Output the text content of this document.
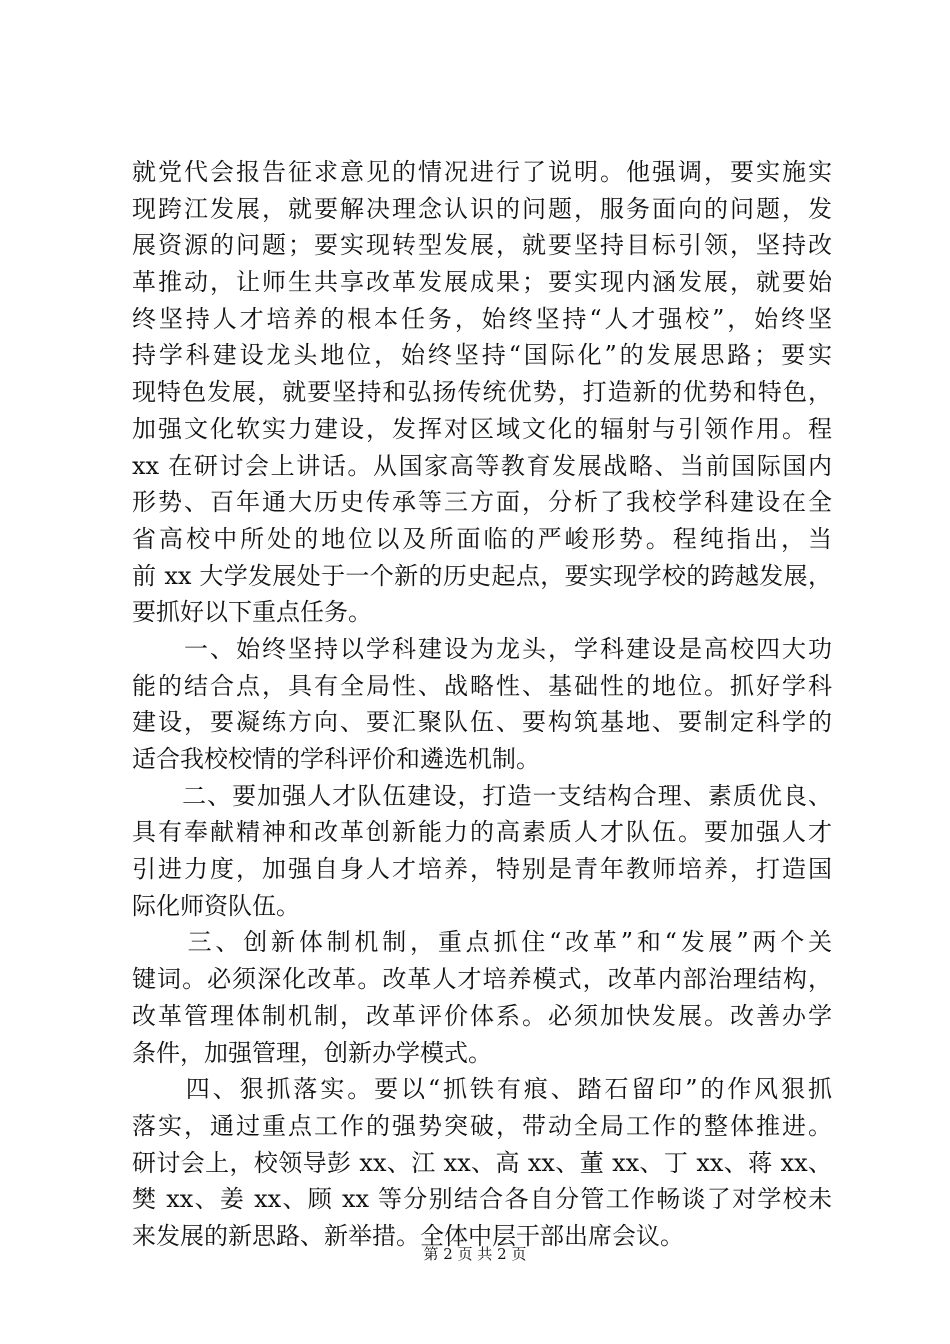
就党代会报告征求意见的情况进行了说明。他强调，要实施实
现跨江发展，就要解决理念认识的问题，服务面向的问题，发
展资源的问题；要实现转型发展，就要坚持目标引领，坚持改
革推动，让师生共享改革发展成果；要实现内涵发展，就要始
终坚持人才培养的根本任务，始终坚持“人才强校”，始终坚
持学科建设龙头地位，始终坚持“国际化”的发展思路；要实
现特色发展，就要坚持和弘扬传统优势，打造新的优势和特色，
加强文化软实力建设，发挥对区域文化的辐射与引领作用。程
xx 在研讨会上讲话。从国家高等教育发展战略、当前国际国内
形势、百年通大历史传承等三方面，分析了我校学科建设在全
省高校中所处的地位以及所面临的严峻形势。程纯指出，当
前 xx 大学发展处于一个新的历史起点，要实现学校的跨越发展，
要抓好以下重点任务。
　　一、始终坚持以学科建设为龙头，学科建设是高校四大功
能的结合点，具有全局性、战略性、基础性的地位。抓好学科
建设，要凝练方向、要汇聚队伍、要构筑基地、要制定科学的
适合我校校情的学科评价和遴选机制。
　　二、要加强人才队伍建设，打造一支结构合理、素质优良、
具有奉献精神和改革创新能力的高素质人才队伍。要加强人才
引进力度，加强自身人才培养，特别是青年教师培养，打造国
际化师资队伍。
　　三、创新体制机制，重点抓住“改革”和“发展”两个关
键词。必须深化改革。改革人才培养模式，改革内部治理结构，
改革管理体制机制，改革评价体系。必须加快发展。改善办学
条件，加强管理，创新办学模式。
　　四、狠抓落实。要以“抓铁有痕、踏石留印”的作风狠抓
落实，通过重点工作的强势突破，带动全局工作的整体推进。
研讨会上，校领导彭 xx、江 xx、高 xx、董 xx、丁 xx、蒋 xx、
樊 xx、姜 xx、顾 xx 等分别结合各自分管工作畅谈了对学校未
来发展的新思路、新举措。全体中层干部出席会议。
第 2 页 共 2 页
